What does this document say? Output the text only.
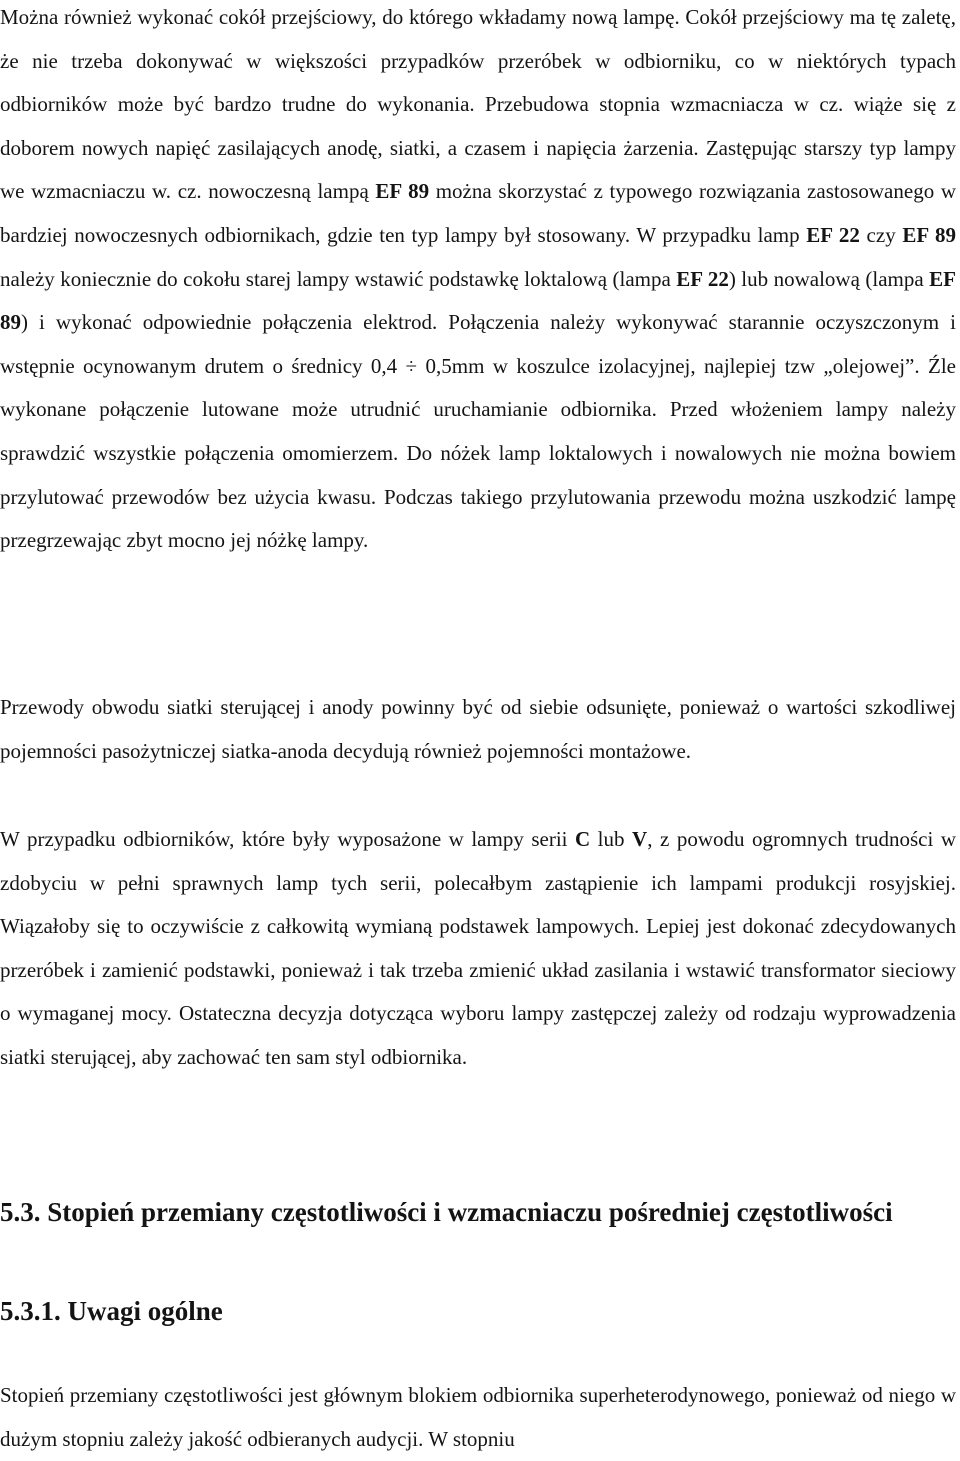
Można również wykonać cokół przejściowy, do którego wkładamy nową lampę. Cokół przejściowy ma tę zaletę, że nie trzeba dokonywać w większości przypadków przeróbek w odbiorniku, co w niektórych typach odbiorników może być bardzo trudne do wykonania. Przebudowa stopnia wzmacniacza w cz. wiąże się z doborem nowych napięć zasilających anodę, siatki, a czasem i napięcia żarzenia. Zastępując starszy typ lampy we wzmacniaczu w. cz. nowoczesną lampą EF 89 można skorzystać z typowego rozwiązania zastosowanego w bardziej nowoczesnych odbiornikach, gdzie ten typ lampy był stosowany. W przypadku lamp EF 22 czy EF 89 należy koniecznie do cokołu starej lampy wstawić podstawkę loktalową (lampa EF 22) lub nowalową (lampa EF 89) i wykonać odpowiednie połączenia elektrod. Połączenia należy wykonywać starannie oczyszczonym i wstępnie ocynowanym drutem o średnicy 0,4 ÷ 0,5mm w koszulce izolacyjnej, najlepiej tzw „olejowej”. Źle wykonane połączenie lutowane może utrudnić uruchamianie odbiornika. Przed włożeniem lampy należy sprawdzić wszystkie połączenia omomierzem. Do nóżek lamp loktalowych i nowalowych nie można bowiem przylutować przewodów bez użycia kwasu. Podczas takiego przylutowania przewodu można uszkodzić lampę przegrzewając zbyt mocno jej nóżkę lampy.

Przewody obwodu siatki sterującej i anody powinny być od siebie odsunięte, ponieważ o wartości szkodliwej pojemności pasożytniczej siatka-anoda decydują również pojemności montażowe.

W przypadku odbiorników, które były wyposażone w lampy serii C lub V, z powodu ogromnych trudności w zdobyciu w pełni sprawnych lamp tych serii, polecałbym zastąpienie ich lampami produkcji rosyjskiej. Wiązałoby się to oczywiście z całkowitą wymianą podstawek lampowych. Lepiej jest dokonać zdecydowanych przeróbek i zamienić podstawki, ponieważ i tak trzeba zmienić układ zasilania i wstawić transformator sieciowy o wymaganej mocy. Ostateczna decyzja dotycząca wyboru lampy zastępczej zależy od rodzaju wyprowadzenia siatki sterującej, aby zachować ten sam styl odbiornika.

5.3. Stopień przemiany częstotliwości i wzmacniaczu pośredniej częstotliwości
5.3.1. Uwagi ogólne

Stopień przemiany częstotliwości jest głównym blokiem odbiornika superheterodynowego, ponieważ od niego w dużym stopniu zależy jakość odbieranych audycji. W stopniu
